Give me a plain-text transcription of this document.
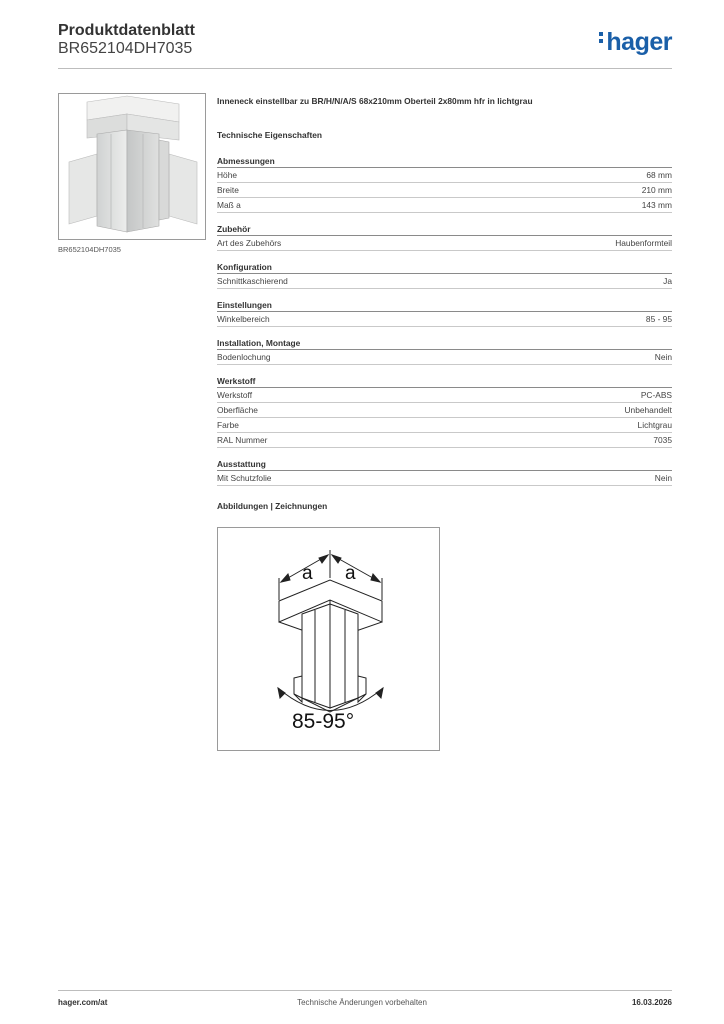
Produktdatenblatt
BR652104DH7035	hager
BR652104DH7035
Inneneck einstellbar zu BR/H/N/A/S 68x210mm Oberteil 2x80mm hfr in lichtgrau
Technische Eigenschaften
Abmessungen
Höhe	68 mm
Breite	210 mm
Maß a	143 mm
Zubehör
Art des Zubehörs	Haubenformteil
Konfiguration
Schnittkaschierend	Ja
Einstellungen
Winkelbereich	85 - 95
Installation, Montage
Bodenlochung	Nein
Werkstoff
Werkstoff	PC-ABS
Oberfläche	Unbehandelt
Farbe	Lichtgrau
RAL Nummer	7035
Ausstattung
Mit Schutzfolie	Nein
Abbildungen | Zeichnungen
a a
85-95°
hager.com/at	Technische Änderungen vorbehalten	16.03.2026
